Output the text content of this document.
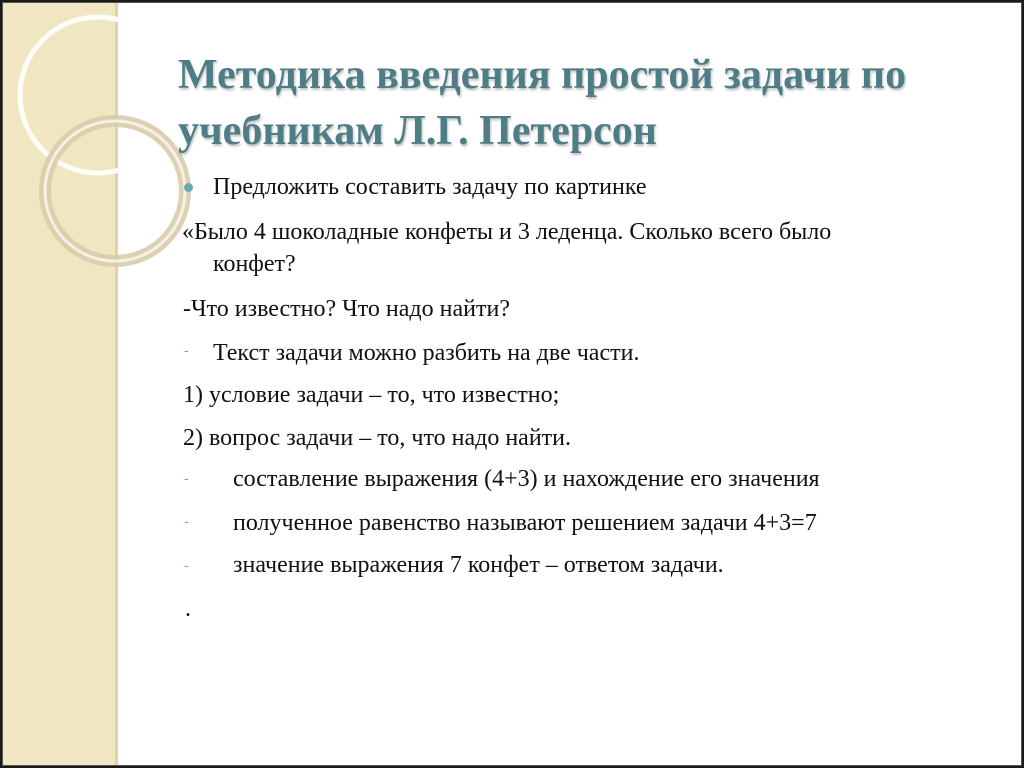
Методика введения простой задачи по
учебникам Л.Г. Петерсон
Предложить составить задачу по картинке
«Было 4 шоколадные конфеты и 3 леденца. Сколько всего было
конфет?
-Что известно? Что надо найти?
- Текст задачи можно разбить на две части.
1) условие задачи – то, что известно;
2) вопрос задачи – то, что надо найти.
- составление выражения (4+3) и нахождение его значения
- полученное равенство называют решением задачи 4+3=7
- значение выражения 7 конфет – ответом задачи.
.
